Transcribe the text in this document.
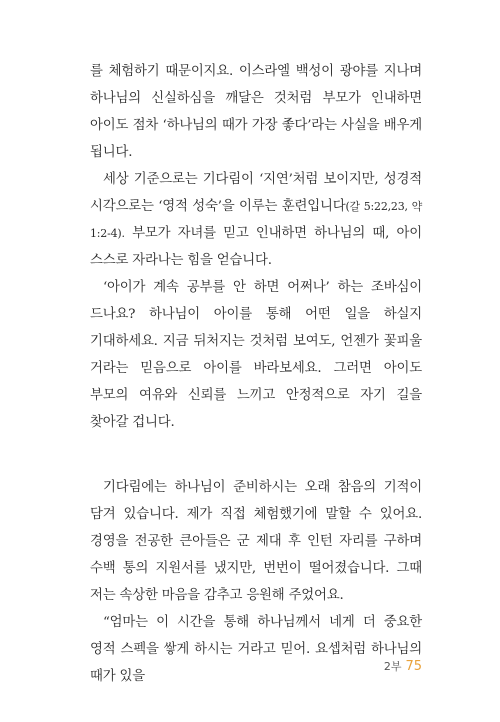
를 체험하기 때문이지요. 이스라엘 백성이 광야를 지나며 하나님의 신실하심을 깨달은 것처럼 부모가 인내하면 아이도 점차 ‘하나님의 때가 가장 좋다’라는 사실을 배우게 됩니다.

세상 기준으로는 기다림이 ‘지연’처럼 보이지만, 성경적 시각으로는 ‘영적 성숙’을 이루는 훈련입니다(갈 5:22,23, 약 1:2-4). 부모가 자녀를 믿고 인내하면 하나님의 때, 아이 스스로 자라나는 힘을 얻습니다.

‘아이가 계속 공부를 안 하면 어쩌나’ 하는 조바심이 드나요? 하나님이 아이를 통해 어떤 일을 하실지 기대하세요. 지금 뒤처지는 것처럼 보여도, 언젠가 꽃피울 거라는 믿음으로 아이를 바라보세요. 그러면 아이도 부모의 여유와 신뢰를 느끼고 안정적으로 자기 길을 찾아갈 겁니다.

기다림에는 하나님이 준비하시는 오래 참음의 기적이 담겨 있습니다. 제가 직접 체험했기에 말할 수 있어요. 경영을 전공한 큰아들은 군 제대 후 인턴 자리를 구하며 수백 통의 지원서를 냈지만, 번번이 떨어졌습니다. 그때 저는 속상한 마음을 감추고 응원해 주었어요.

“엄마는 이 시간을 통해 하나님께서 네게 더 중요한 영적 스펙을 쌓게 하시는 거라고 믿어. 요셉처럼 하나님의 때가 있을

2부 75
